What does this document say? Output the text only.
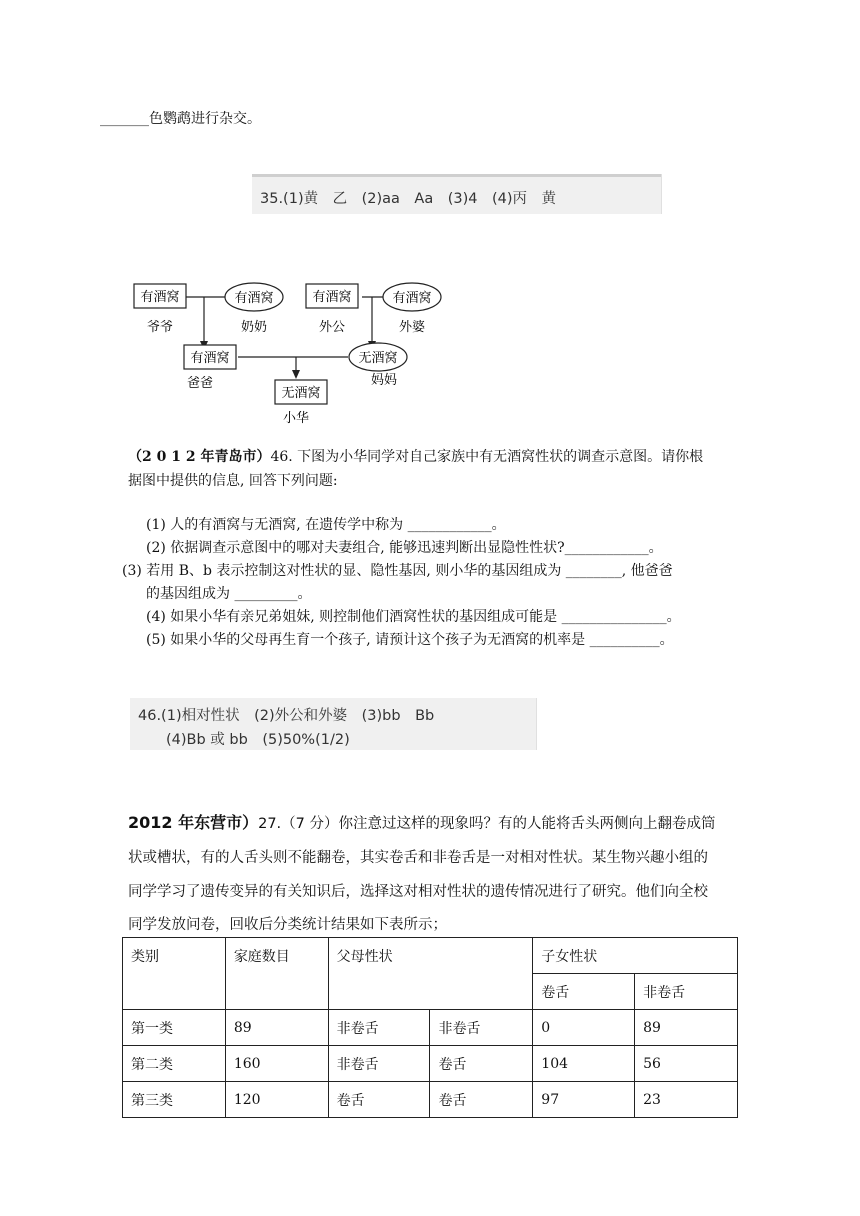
_______色鹦鹉进行杂交。
35.(1)黄　乙　(2)aa　Aa　(3)4　(4)丙　黄
有酒窝
爷爷
有酒窝
奶奶
有酒窝
外公
有酒窝
外婆
有酒窝
爸爸
无酒窝
妈妈
无酒窝
小华
（2 0 1 2 年青岛市）46. 下图为小华同学对自己家族中有无酒窝性状的调查示意图。请你根
据图中提供的信息, 回答下列问题:
(1) 人的有酒窝与无酒窝, 在遗传学中称为 ____________。
(2) 依据调查示意图中的哪对夫妻组合, 能够迅速判断出显隐性性状?____________。
(3) 若用 B、b 表示控制这对性状的显、隐性基因, 则小华的基因组成为 ________, 他爸爸
的基因组成为 _________。
(4) 如果小华有亲兄弟姐妹, 则控制他们酒窝性状的基因组成可能是 _______________。
(5) 如果小华的父母再生育一个孩子, 请预计这个孩子为无酒窝的机率是 __________。
46.(1)相对性状　(2)外公和外婆　(3)bb　Bb
(4)Bb 或 bb　(5)50%(1/2)
2012 年东营市）27.（7 分）你注意过这样的现象吗？有的人能将舌头两侧向上翻卷成筒
状或槽状，有的人舌头则不能翻卷，其实卷舌和非卷舌是一对相对性状。某生物兴趣小组的
同学学习了遗传变异的有关知识后，选择这对相对性状的遗传情况进行了研究。他们向全校
同学发放问卷，回收后分类统计结果如下表所示；
类别	家庭数目	父母性状		子女性状	
				卷舌	非卷舌
第一类	89	非卷舌	非卷舌	0	89
第二类	160	非卷舌	卷舌	104	56
第三类	120	卷舌	卷舌	97	23
